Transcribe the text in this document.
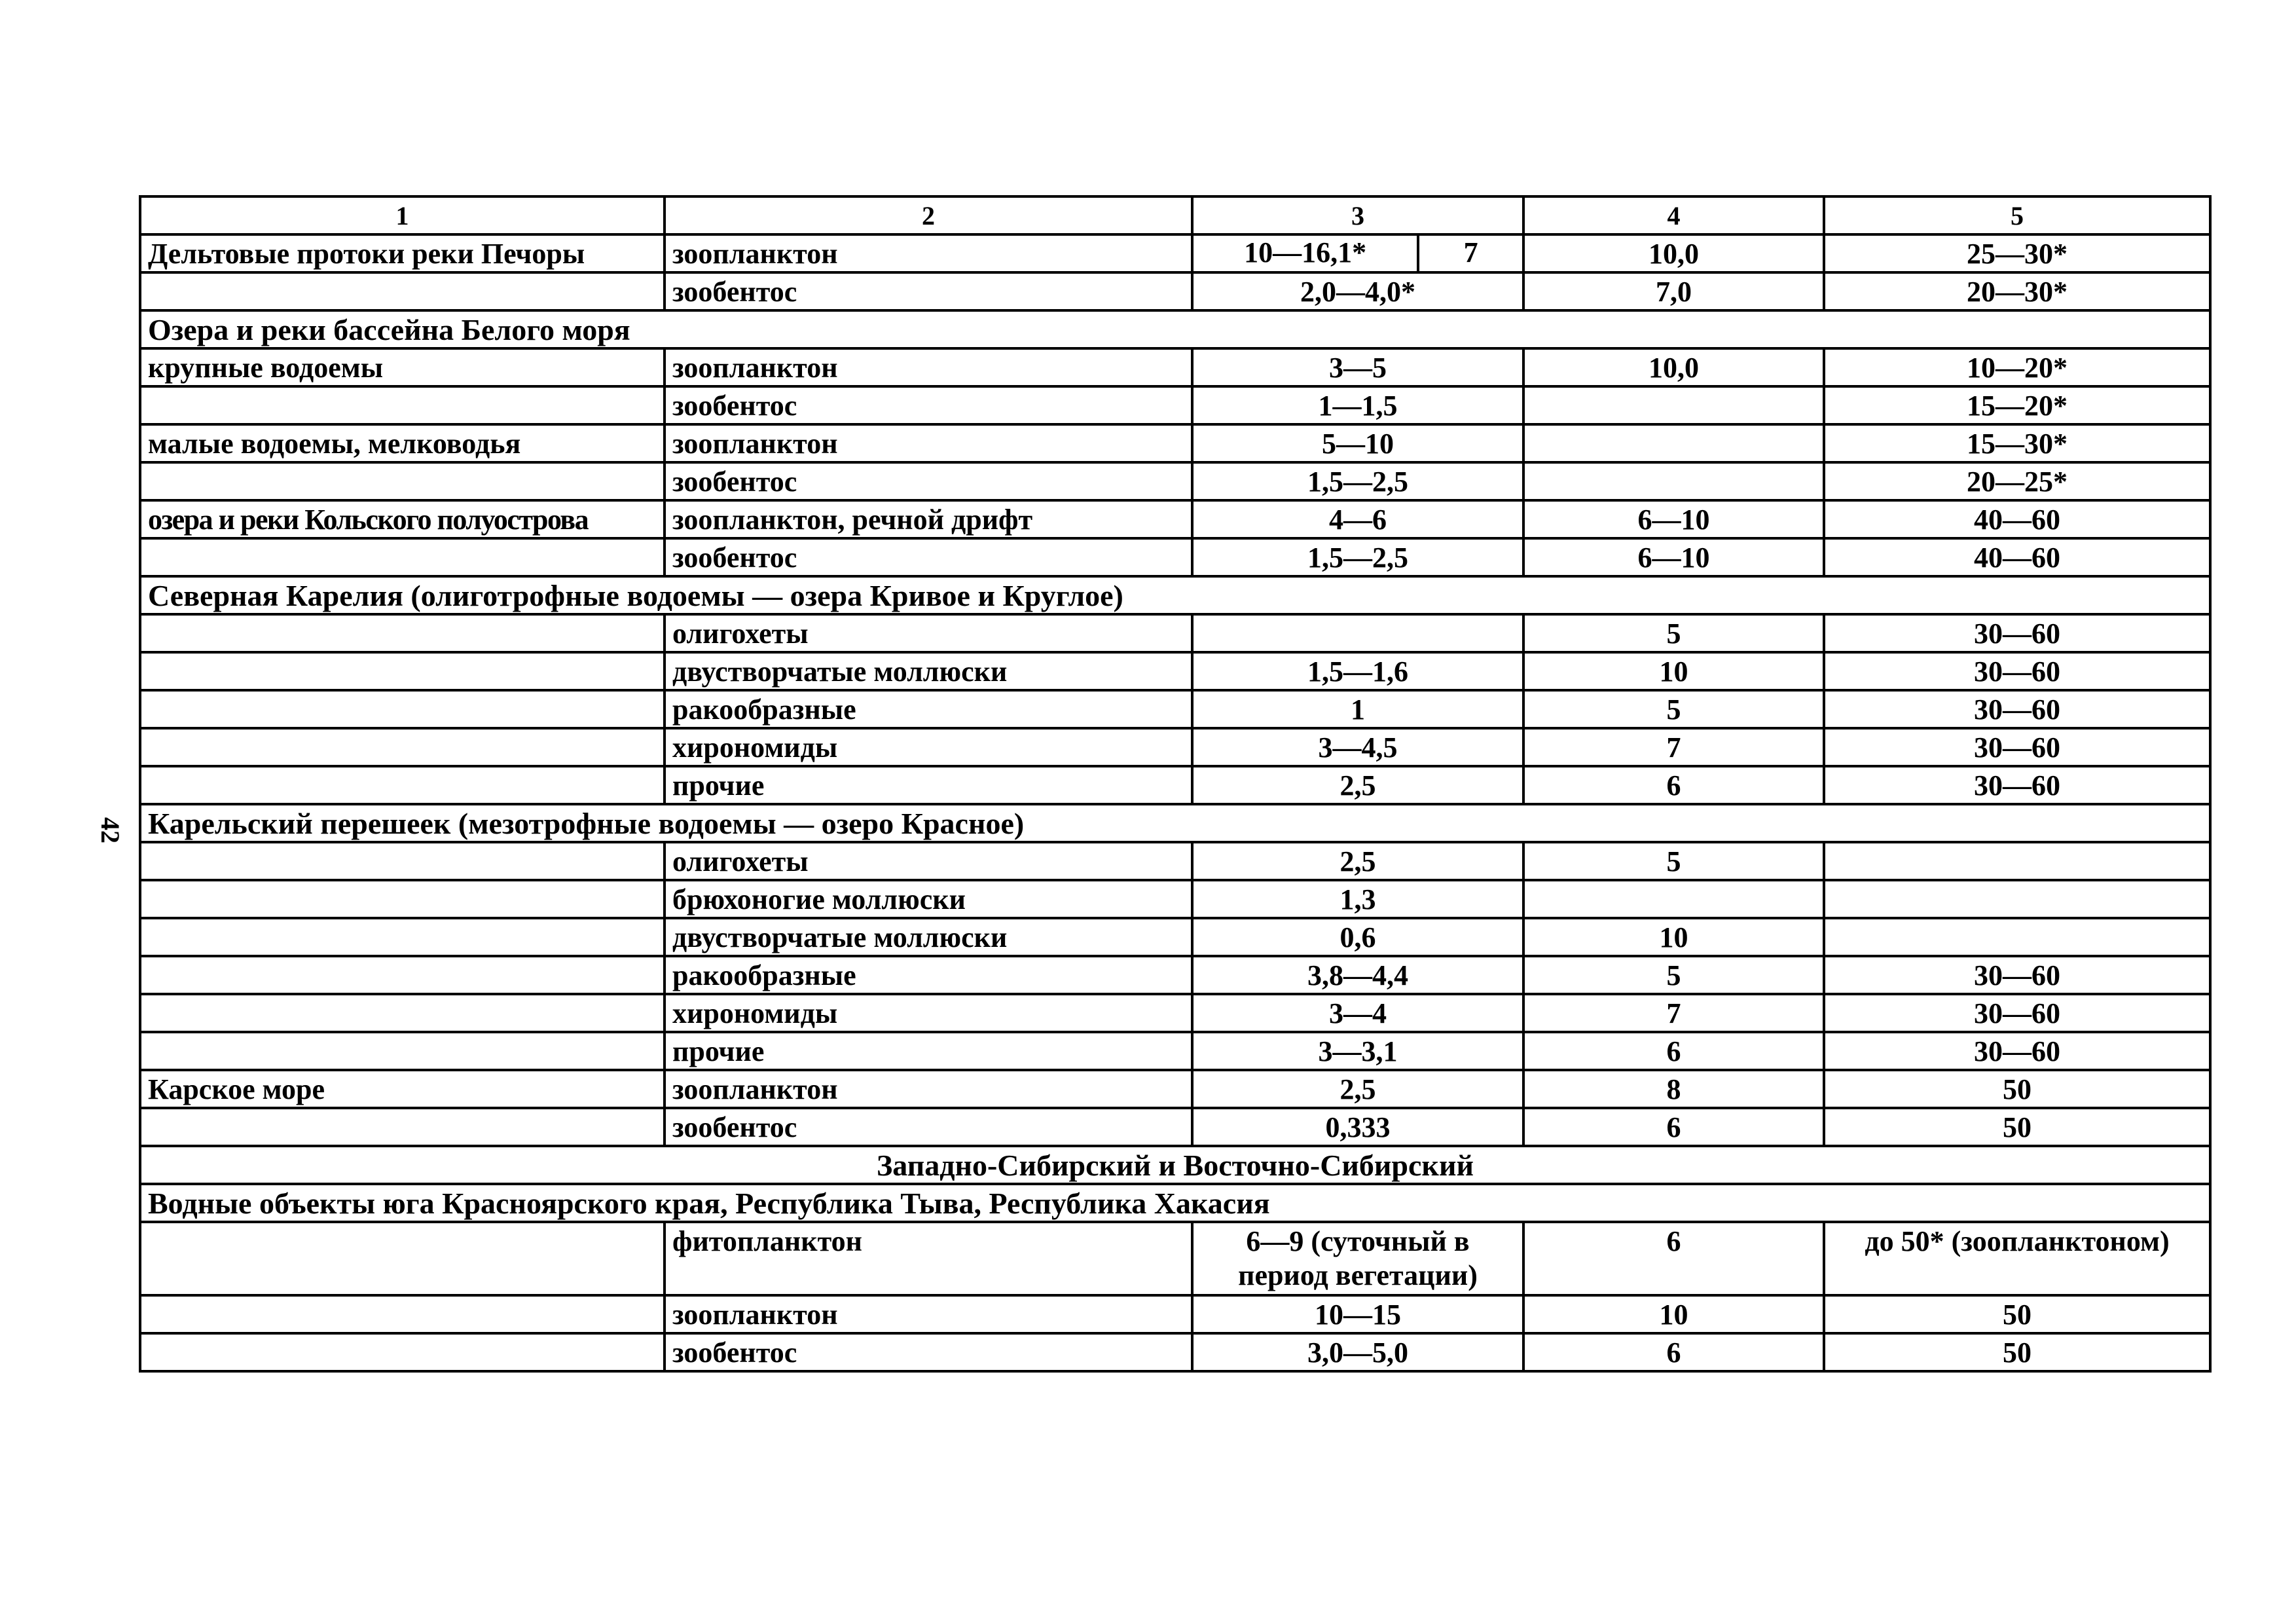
42
1	2	3	4	5
Дельтовые протоки реки Печоры	зоопланктон	10—16,1* 7	10,0	25—30*
	зообентос	2,0—4,0*	7,0	20—30*
Озера и реки бассейна Белого моря				
крупные водоемы	зоопланктон	3—5	10,0	10—20*
	зообентос	1—1,5		15—20*
малые водоемы, мелководья	зоопланктон	5—10		15—30*
	зообентос	1,5—2,5		20—25*
озера и реки Кольского полуострова	зоопланктон, речной дрифт	4—6	6—10	40—60
	зообентос	1,5—2,5	6—10	40—60
Северная Карелия (олиготрофные водоемы — озера Кривое и Круглое)				
	олигохеты		5	30—60
	двустворчатые моллюски	1,5—1,6	10	30—60
	ракообразные	1	5	30—60
	хирономиды	3—4,5	7	30—60
	прочие	2,5	6	30—60
Карельский перешеек (мезотрофные водоемы — озеро Красное)				
	олигохеты	2,5	5	
	брюхоногие моллюски	1,3		
	двустворчатые моллюски	0,6	10	
	ракообразные	3,8—4,4	5	30—60
	хирономиды	3—4	7	30—60
	прочие	3—3,1	6	30—60
Карское море	зоопланктон	2,5	8	50
	зообентос	0,333	6	50
Западно-Сибирский и Восточно-Сибирский				
Водные объекты юга Красноярского края, Республика Тыва, Республика Хакасия				
	фитопланктон	6—9 (суточный в период вегетации)	6	до 50* (зоопланктоном)
	зоопланктон	10—15	10	50
	зообентос	3,0—5,0	6	50
